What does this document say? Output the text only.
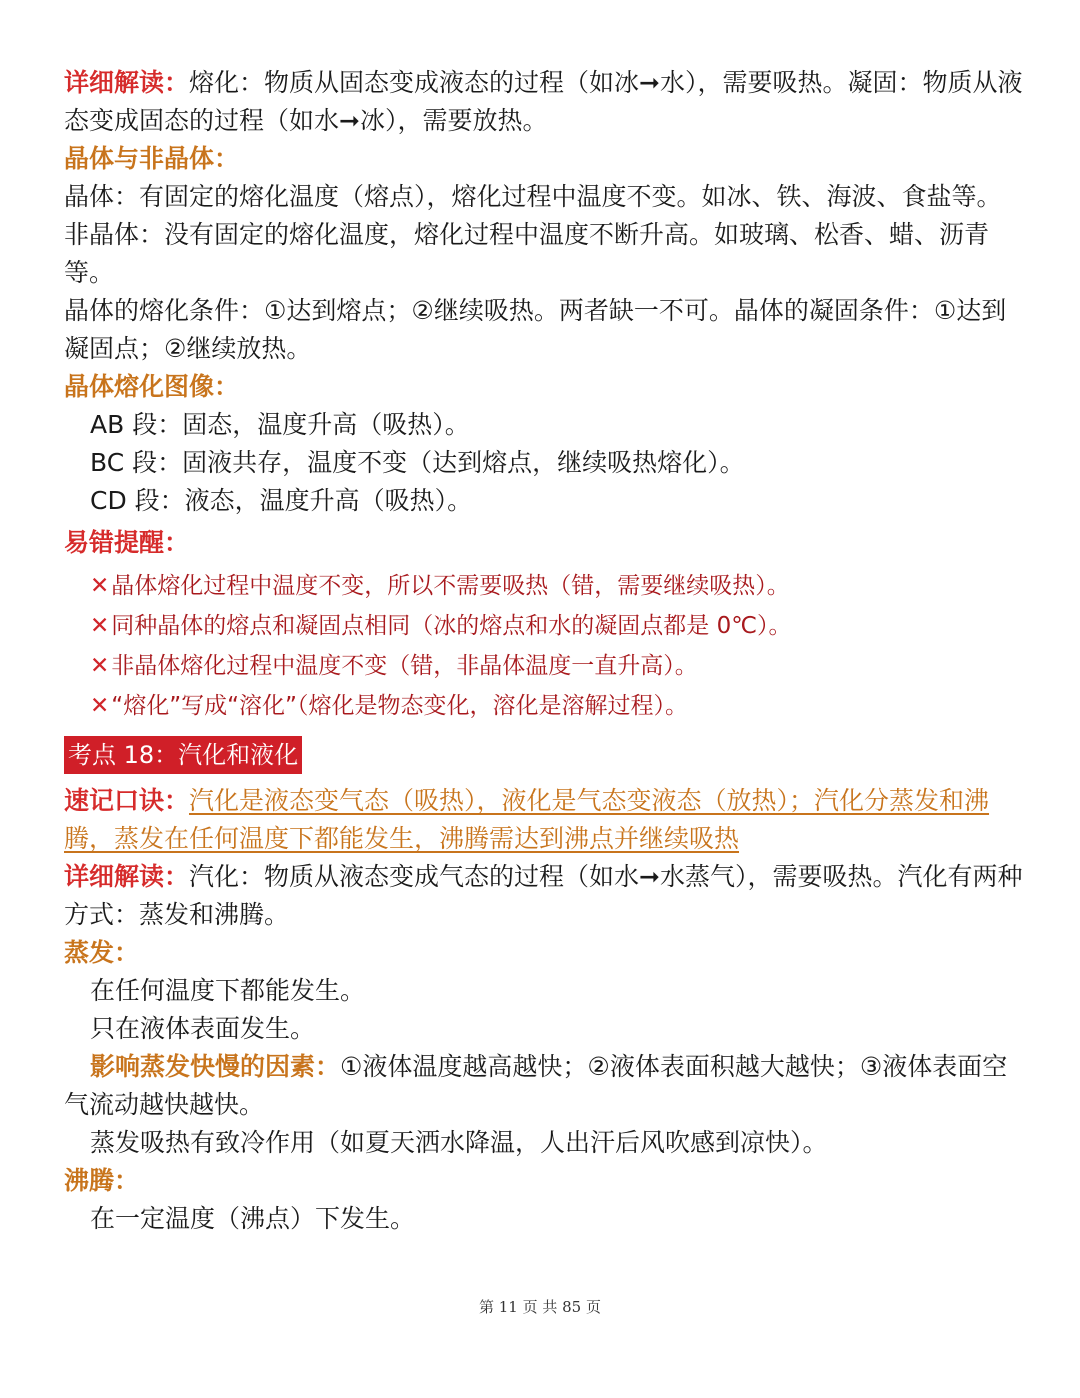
详细解读：熔化：物质从固态变成液态的过程（如冰➞水），需要吸热。凝固：物质从液态变成固态的过程（如水➞冰），需要放热。

晶体与非晶体：

晶体：有固定的熔化温度（熔点），熔化过程中温度不变。如冰、铁、海波、食盐等。

非晶体：没有固定的熔化温度，熔化过程中温度不断升高。如玻璃、松香、蜡、沥青等。

晶体的熔化条件：①达到熔点；②继续吸热。两者缺一不可。晶体的凝固条件：①达到凝固点；②继续放热。

晶体熔化图像：

AB 段：固态，温度升高（吸热）。

BC 段：固液共存，温度不变（达到熔点，继续吸热熔化）。

CD 段：液态，温度升高（吸热）。

易错提醒：

✕晶体熔化过程中温度不变，所以不需要吸热（错，需要继续吸热）。

✕同种晶体的熔点和凝固点相同（冰的熔点和水的凝固点都是 0℃）。

✕非晶体熔化过程中温度不变（错，非晶体温度一直升高）。

✕“熔化”写成“溶化”（熔化是物态变化，溶化是溶解过程）。

考点 18：汽化和液化

速记口诀：汽化是液态变气态（吸热），液化是气态变液态（放热）；汽化分蒸发和沸腾，蒸发在任何温度下都能发生，沸腾需达到沸点并继续吸热

详细解读：汽化：物质从液态变成气态的过程（如水➞水蒸气），需要吸热。汽化有两种方式：蒸发和沸腾。

蒸发：

在任何温度下都能发生。

只在液体表面发生。

影响蒸发快慢的因素：①液体温度越高越快；②液体表面积越大越快；③液体表面空气流动越快越快。

蒸发吸热有致冷作用（如夏天洒水降温，人出汗后风吹感到凉快）。

沸腾：

在一定温度（沸点）下发生。

第 11 页 共 85 页
